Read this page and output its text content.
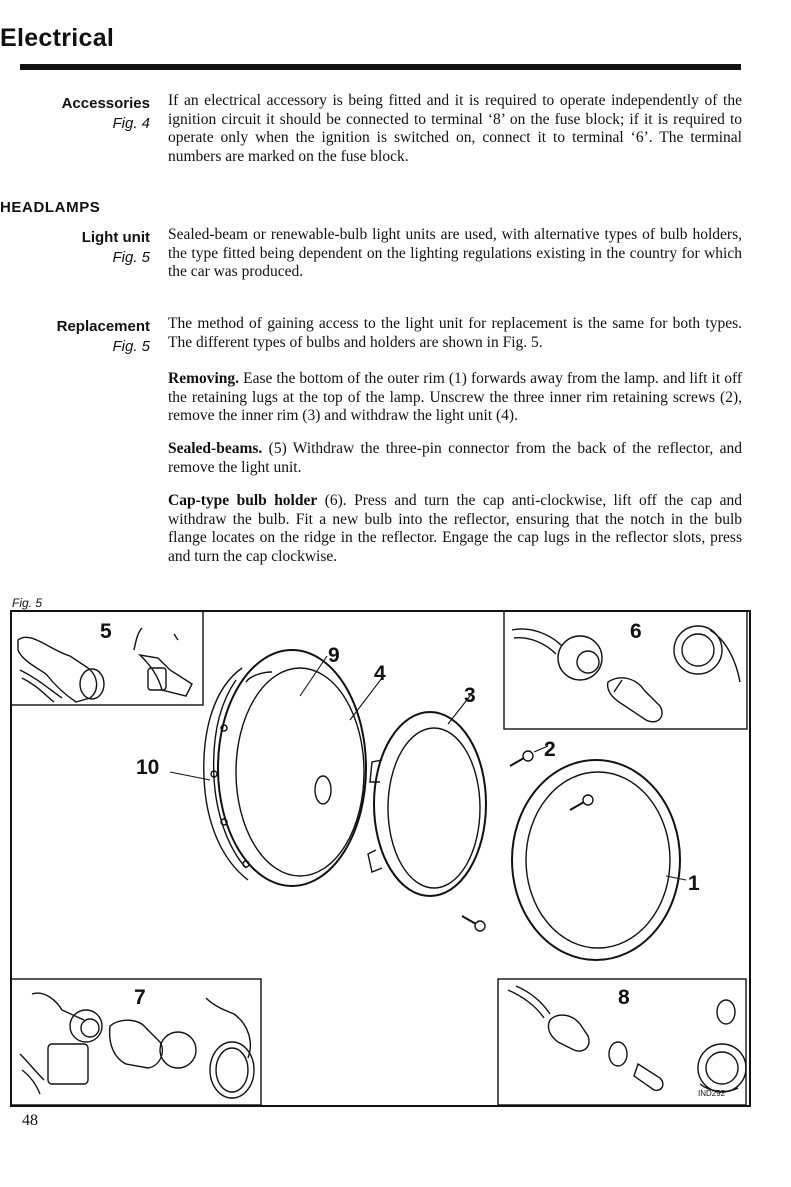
Electrical
Accessories
Fig. 4
If an electrical accessory is being fitted and it is required to operate independently of the ignition circuit it should be connected to terminal ‘8’ on the fuse block; if it is required to operate only when the ignition is switched on, connect it to terminal ‘6’. The terminal numbers are marked on the fuse block.
HEADLAMPS
Light unit
Fig. 5
Sealed-beam or renewable-bulb light units are used, with alternative types of bulb holders, the type fitted being dependent on the lighting regulations existing in the country for which the car was produced.
Replacement
Fig. 5
The method of gaining access to the light unit for replacement is the same for both types. The different types of bulbs and holders are shown in Fig. 5.
Removing. Ease the bottom of the outer rim (1) forwards away from the lamp. and lift it off the retaining lugs at the top of the lamp. Unscrew the three inner rim retaining screws (2), remove the inner rim (3) and withdraw the light unit (4).
Sealed-beams. (5) Withdraw the three-pin connector from the back of the reflector, and remove the light unit.
Cap-type bulb holder (6). Press and turn the cap anti-clockwise, lift off the cap and withdraw the bulb. Fit a new bulb into the reflector, ensuring that the notch in the bulb flange locates on the ridge in the reflector. Engage the cap lugs in the reflector slots, press and turn the cap clockwise.
Fig. 5
5	6
9
4
3
2
10
1
7	8
IND292
48
